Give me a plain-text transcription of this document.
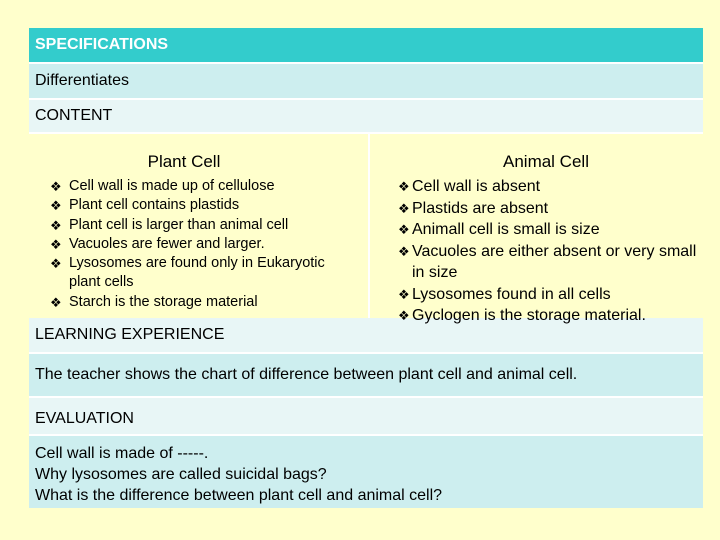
SPECIFICATIONS
Differentiates
CONTENT
Plant Cell
❖ Cell wall is made up of cellulose
❖ Plant cell contains plastids
❖ Plant cell is larger than animal cell
❖ Vacuoles are fewer and larger.
❖ Lysosomes are found only in Eukaryotic plant cells
❖ Starch is the storage material
Animal Cell
❖ Cell wall is absent
❖ Plastids are absent
❖ Animall cell is small is size
❖ Vacuoles are either absent or very small in size
❖ Lysosomes found in all cells
❖ Gyclogen is the storage material.
LEARNING EXPERIENCE
The teacher shows the chart of difference between plant cell and animal cell.
EVALUATION
Cell wall is made of -----.
Why lysosomes are called suicidal bags?
What is the difference between plant cell and animal cell?
